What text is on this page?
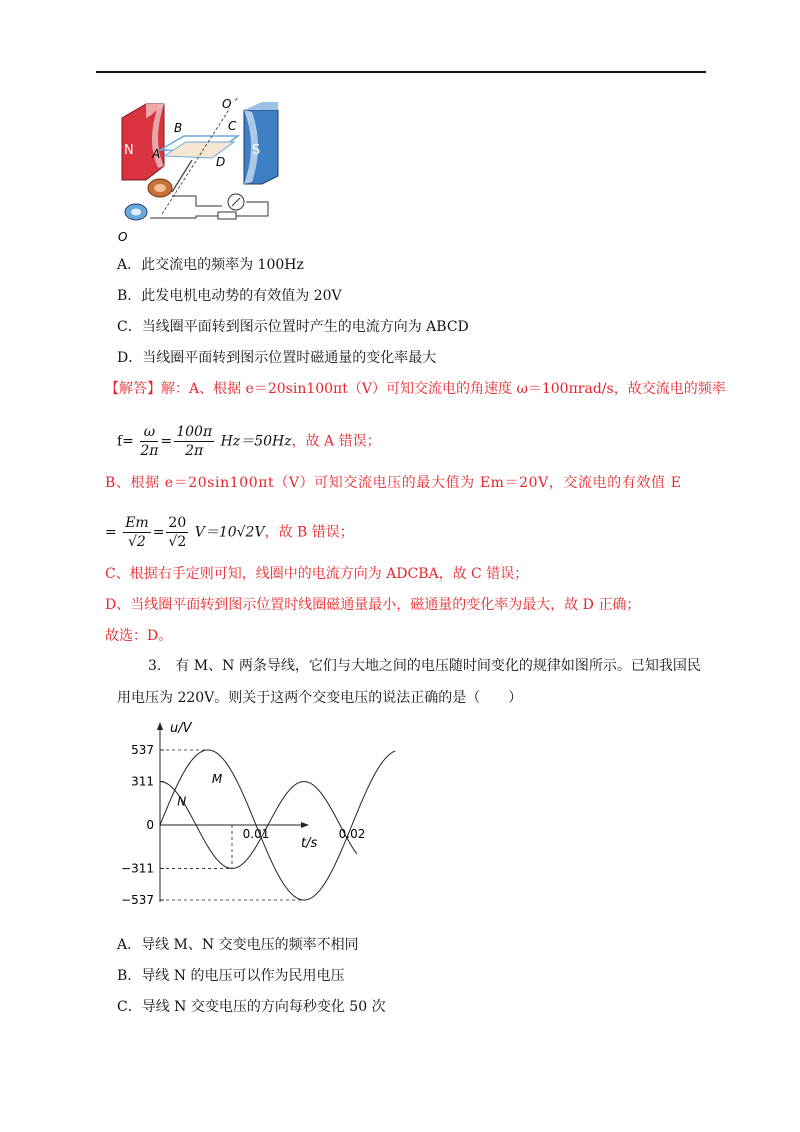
N	S
O´
A
B	C
D
O
A．此交流电的频率为 100Hz
B．此发电机电动势的有效值为 20V
C．当线圈平面转到图示位置时产生的电流方向为 ABCD
D．当线圈平面转到图示位置时磁通量的变化率最大
【解答】解：A、根据 e＝20sin100πt（V）可知交流电的角速度 ω＝100πrad/s，故交流电的频率
$f= \frac{\omega}{2\pi} = \frac{100\pi}{2\pi} Hz=50Hz$，故 A 错误；
B、根据 e＝20sin100πt（V）可知交流电压的最大值为 Em＝20V，交流电的有效值 E
= $\frac{Em}{√2} = \frac{20}{√2} V=10√2V$，故 B 错误；
C、根据右手定则可知，线圈中的电流方向为 ADCBA，故 C 错误；
D、当线圈平面转到图示位置时线圈磁通量最小，磁通量的变化率为最大，故 D 正确；
故选：D。
3.　有 M、N 两条导线，它们与大地之间的电压随时间变化的规律如图所示。已知我国民
用电压为 220V。则关于这两个交变电压的说法正确的是（　　）
u/V
t/s
537
311
0
−311
−537
0.01	0.02
M
N
A．导线 M、N 交变电压的频率不相同
B．导线 N 的电压可以作为民用电压
C．导线 N 交变电压的方向每秒变化 50 次
